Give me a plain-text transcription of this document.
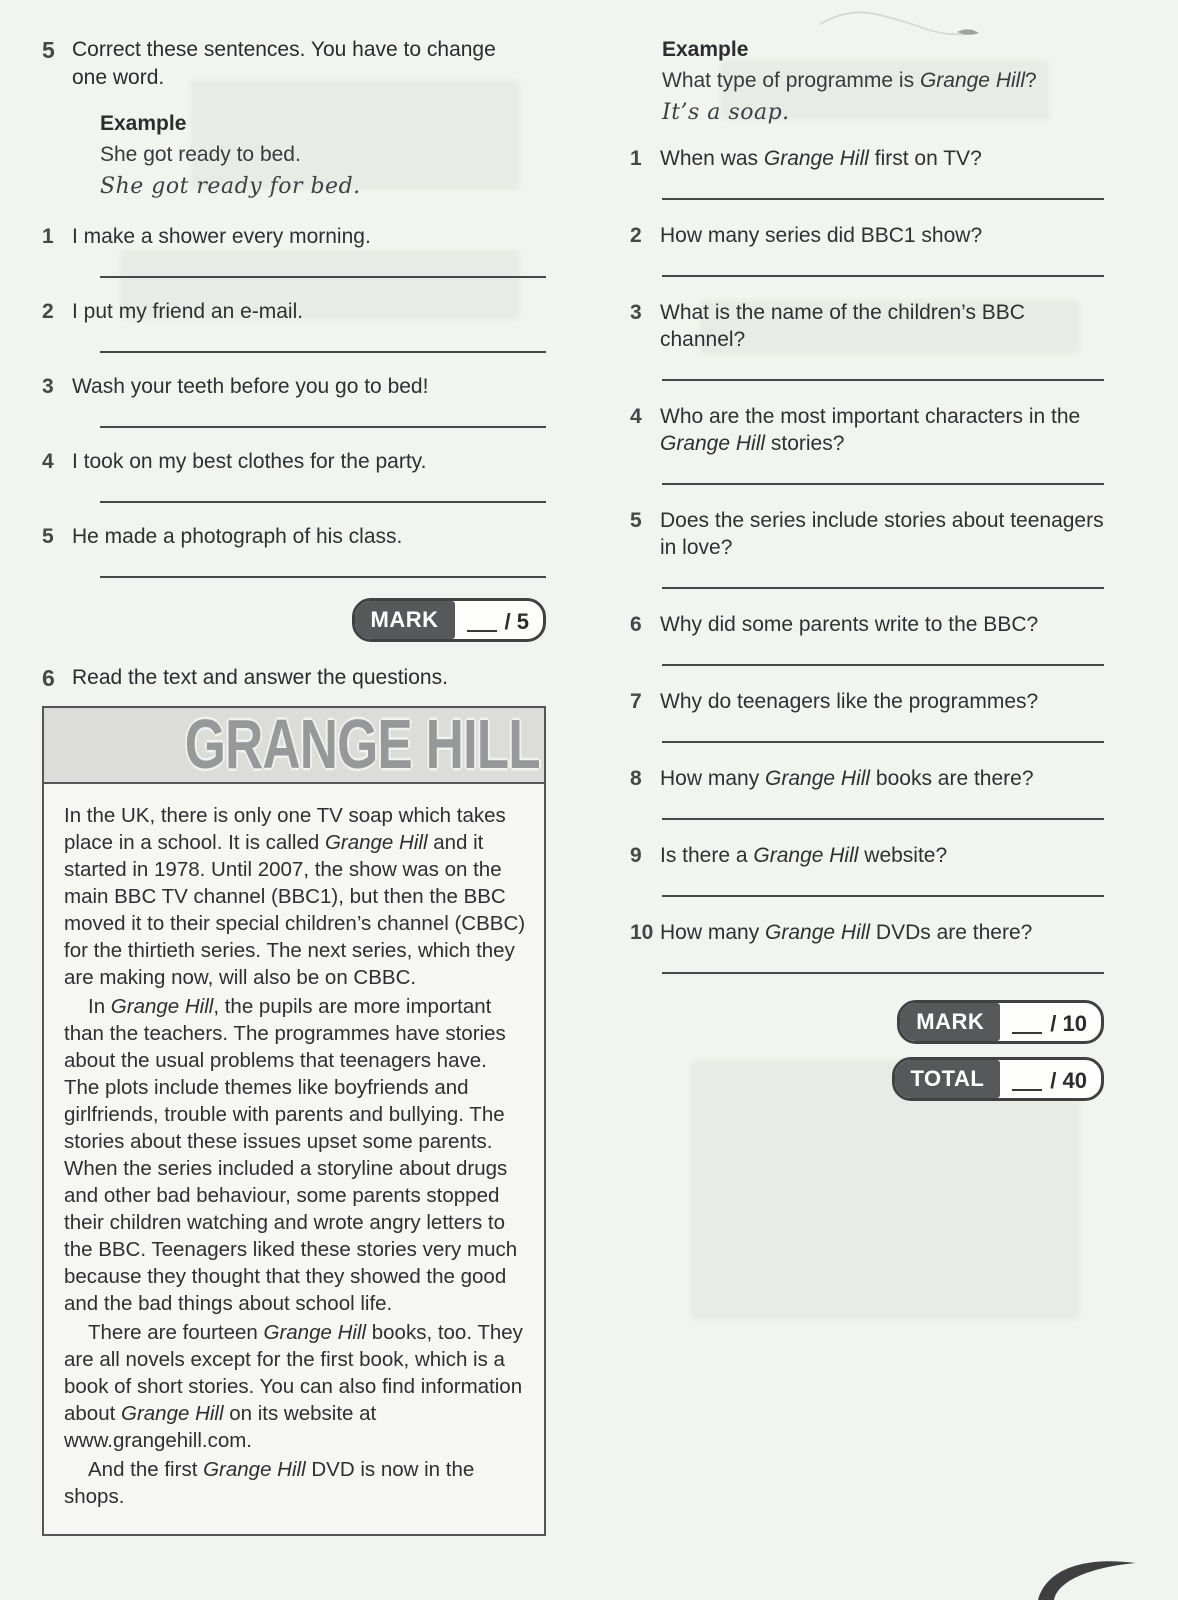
5 Correct these sentences. You have to change one word.
Example
She got ready to bed.
She got ready for bed.
1 I make a shower every morning.
2 I put my friend an e-mail.
3 Wash your teeth before you go to bed!
4 I took on my best clothes for the party.
5 He made a photograph of his class.
MARK	/ 5
6 Read the text and answer the questions.
GRANGE HILL

In the UK, there is only one TV soap which takes place in a school. It is called Grange Hill and it started in 1978. Until 2007, the show was on the main BBC TV channel (BBC1), but then the BBC moved it to their special children’s channel (CBBC) for the thirtieth series. The next series, which they are making now, will also be on CBBC.

In Grange Hill, the pupils are more important than the teachers. The programmes have stories about the usual problems that teenagers have. The plots include themes like boyfriends and girlfriends, trouble with parents and bullying. The stories about these issues upset some parents. When the series included a storyline about drugs and other bad behaviour, some parents stopped their children watching and wrote angry letters to the BBC. Teenagers liked these stories very much because they thought that they showed the good and the bad things about school life.

There are fourteen Grange Hill books, too. They are all novels except for the first book, which is a book of short stories. You can also find information about Grange Hill on its website at www.grangehill.com.

And the first Grange Hill DVD is now in the shops.

Example
What type of programme is Grange Hill?
It’s a soap.
1 When was Grange Hill first on TV?
2 How many series did BBC1 show?
3 What is the name of the children’s BBC channel?
4 Who are the most important characters in the Grange Hill stories?
5 Does the series include stories about teenagers in love?
6 Why did some parents write to the BBC?
7 Why do teenagers like the programmes?
8 How many Grange Hill books are there?
9 Is there a Grange Hill website?
10 How many Grange Hill DVDs are there?
MARK	/ 10
TOTAL	/ 40
